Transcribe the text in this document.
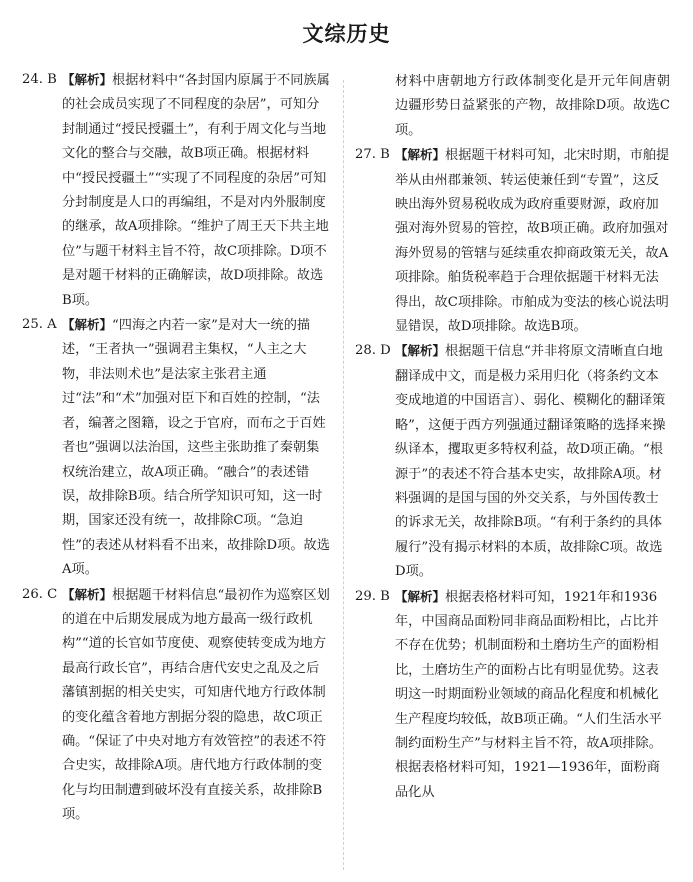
文综历史
24. B 【解析】根据材料中“各封国内原属于不同族属的社会成员实现了不同程度的杂居”，可知分封制通过“授民授疆土”，有利于周文化与当地文化的整合与交融，故B项正确。根据材料中“授民授疆土”“实现了不同程度的杂居”可知分封制度是人口的再编组，不是对内外服制度的继承，故A项排除。“维护了周王天下共主地位”与题干材料主旨不符，故C项排除。D项不是对题干材料的正确解读，故D项排除。故选B项。
25. A 【解析】“四海之内若一家”是对大一统的描述，“王者执一”强调君主集权，“人主之大物，非法则术也”是法家主张君主通过“法”和“术”加强对臣下和百姓的控制，“法者，编著之图籍，设之于官府，而布之于百姓者也”强调以法治国，这些主张助推了秦朝集权统治建立，故A项正确。“融合”的表述错误，故排除B项。结合所学知识可知，这一时期，国家还没有统一，故排除C项。“急迫性”的表述从材料看不出来，故排除D项。故选A项。
26. C 【解析】根据题干材料信息“最初作为巡察区划的道在中后期发展成为地方最高一级行政机构”“道的长官如节度使、观察使转变成为地方最高行政长官”，再结合唐代安史之乱及之后藩镇割据的相关史实，可知唐代地方行政体制的变化蕴含着地方割据分裂的隐患，故C项正确。“保证了中央对地方有效管控”的表述不符合史实，故排除A项。唐代地方行政体制的变化与均田制遭到破坏没有直接关系，故排除B项。
材料中唐朝地方行政体制变化是开元年间唐朝边疆形势日益紧张的产物，故排除D项。故选C项。
27. B 【解析】根据题干材料可知，北宋时期，市舶提举从由州郡兼领、转运使兼任到“专置”，这反映出海外贸易税收成为政府重要财源，政府加强对海外贸易的管控，故B项正确。政府加强对海外贸易的管辖与延续重农抑商政策无关，故A项排除。舶货税率趋于合理依据题干材料无法得出，故C项排除。市舶成为变法的核心说法明显错误，故D项排除。故选B项。
28. D 【解析】根据题干信息“并非将原文清晰直白地翻译成中文，而是极力采用归化（将条约文本变成地道的中国语言）、弱化、模糊化的翻译策略”，这便于西方列强通过翻译策略的选择来操纵译本，攫取更多特权利益，故D项正确。“根源于”的表述不符合基本史实，故排除A项。材料强调的是国与国的外交关系，与外国传教士的诉求无关，故排除B项。“有利于条约的具体履行”没有揭示材料的本质，故排除C项。故选D项。
29. B 【解析】根据表格材料可知，1921年和1936年，中国商品面粉同非商品面粉相比，占比并不存在优势；机制面粉和土磨坊生产的面粉相比，土磨坊生产的面粉占比有明显优势。这表明这一时期面粉业领域的商品化程度和机械化生产程度均较低，故B项正确。“人们生活水平制约面粉生产”与材料主旨不符，故A项排除。根据表格材料可知，1921—1936年，面粉商品化从
